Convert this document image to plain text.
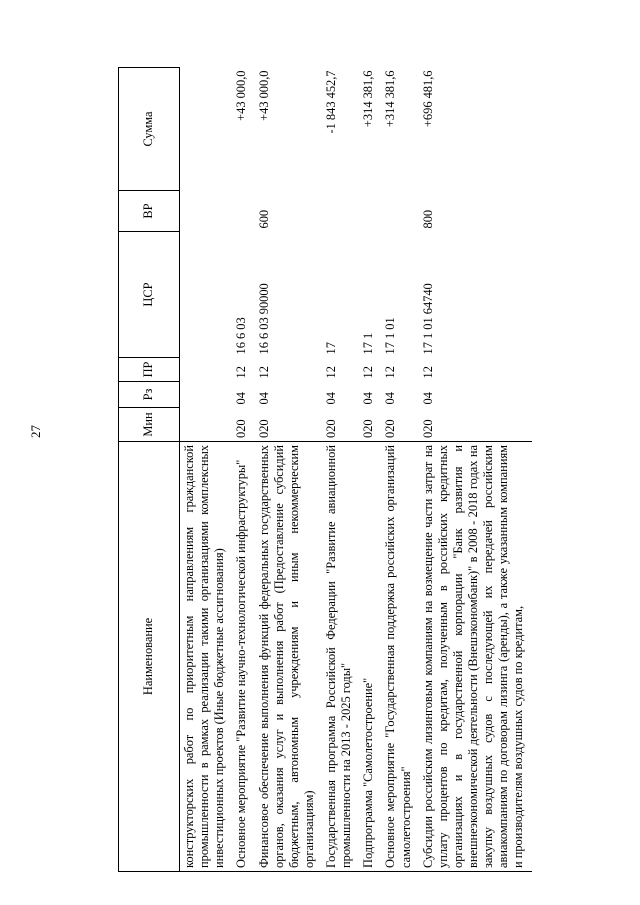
27
Наименование	Мин	Рз	ПР	ЦСР	ВР	Сумма
конструкторских работ по приоритетным направлениям гражданской промышленности в рамках реализации такими организациями комплексных инвестиционных проектов (Иные бюджетные ассигнования)						
Основное мероприятие "Развитие научно-технологической инфраструктуры"	020	04	12	16 6 03		+43 000,0
Финансовое обеспечение выполнения функций федеральных государственных органов, оказания услуг и выполнения работ (Предоставление субсидий бюджетным, автономным учреждениям и иным некоммерческим организациям)	020	04	12	16 6 03 90000	600	+43 000,0
Государственная программа Российской Федерации "Развитие авиационной промышленности на 2013 - 2025 годы"	020	04	12	17		-1 843 452,7
Подпрограмма "Самолетостроение"	020	04	12	17 1		+314 381,6
Основное мероприятие "Государственная поддержка российских организаций самолетостроения"	020	04	12	17 1 01		+314 381,6
Субсидии российским лизинговым компаниям на возмещение части затрат на уплату процентов по кредитам, полученным в российских кредитных организациях и в государственной корпорации "Банк развития и внешнеэкономической деятельности (Внешэкономбанк)" в 2008 - 2018 годах на закупку воздушных судов с последующей их передачей российским авиакомпаниям по договорам лизинга (аренды), а также указанным компаниям и производителям воздушных судов по кредитам,	020	04	12	17 1 01 64740	800	+696 481,6
